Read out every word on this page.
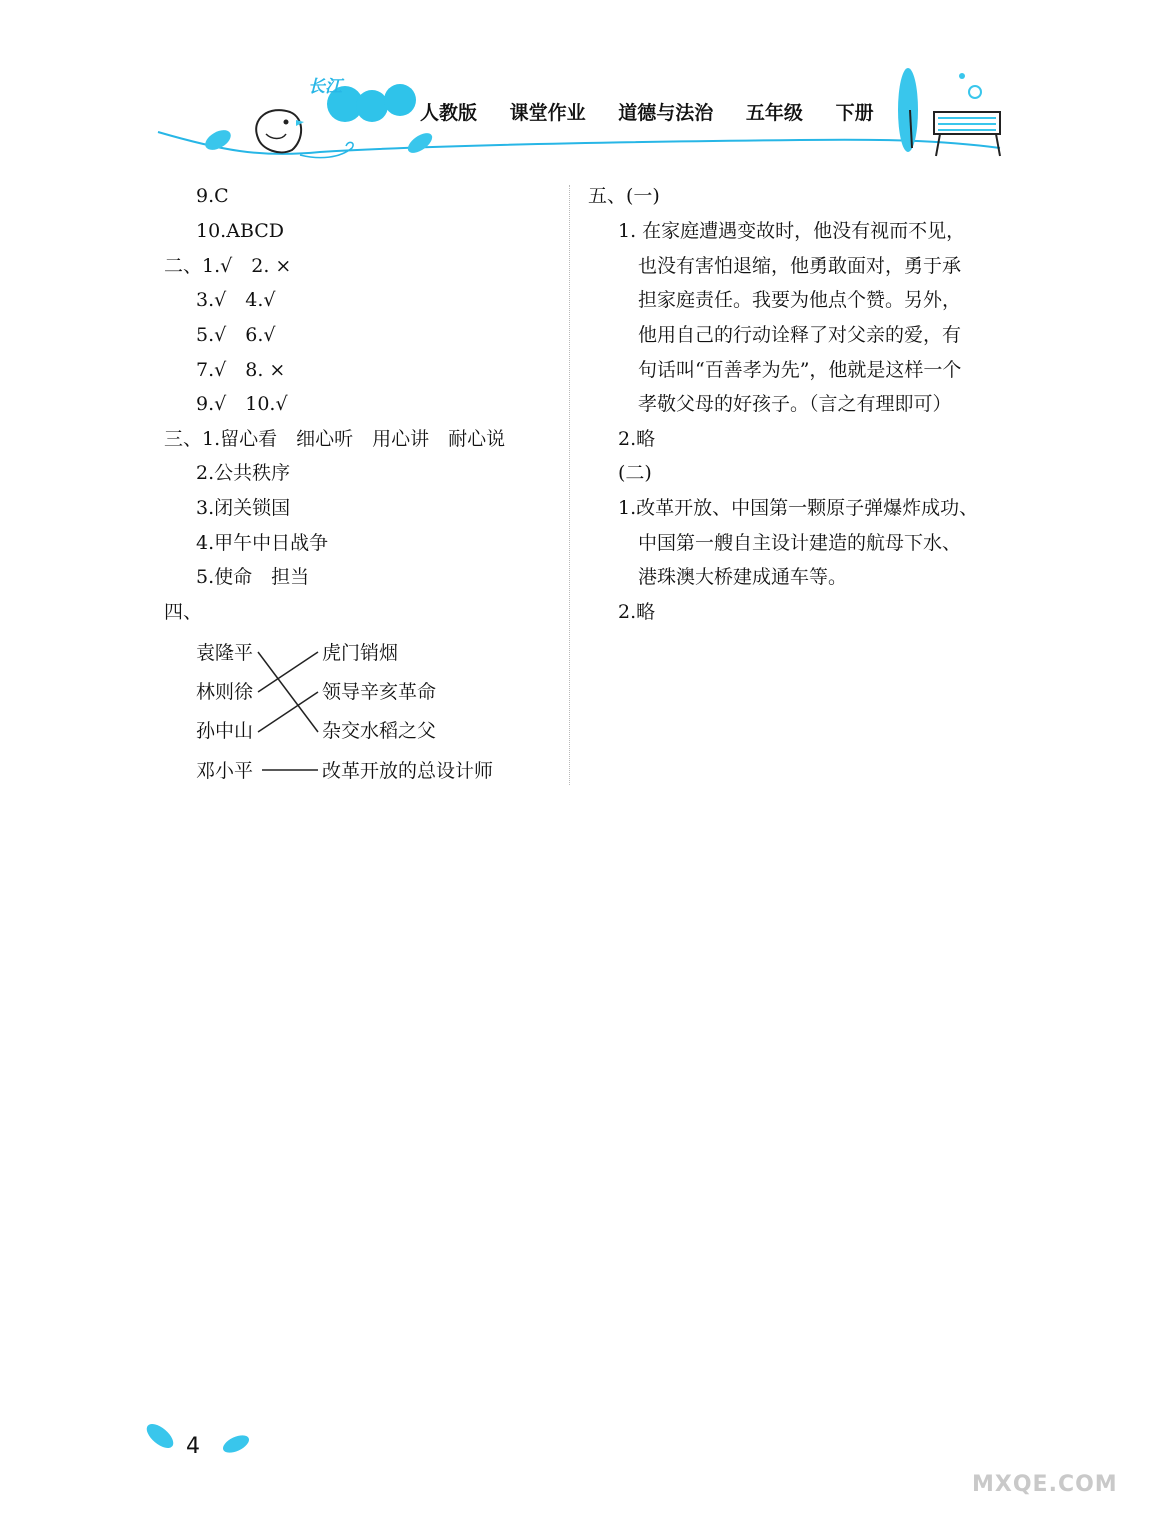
长江
人教版 课堂作业 道德与法治 五年级 下册
9.C
10.ABCD
二、1.√　2. ×
3.√　4.√
5.√　6.√
7.√　8. ×
9.√　10.√
三、1.留心看　细心听　用心讲　耐心说
2.公共秩序
3.闭关锁国
4.甲午中日战争
5.使命　担当
四、
袁隆平
林则徐
孙中山
邓小平
虎门销烟
领导辛亥革命
杂交水稻之父
改革开放的总设计师
五、(一)
1. 在家庭遭遇变故时，他没有视而不见，
也没有害怕退缩，他勇敢面对，勇于承
担家庭责任。我要为他点个赞。另外，
他用自己的行动诠释了对父亲的爱，有
句话叫“百善孝为先”，他就是这样一个
孝敬父母的好孩子。（言之有理即可）
2.略
(二)
1.改革开放、中国第一颗原子弹爆炸成功、
中国第一艘自主设计建造的航母下水、
港珠澳大桥建成通车等。
2.略
4
MXQE.COM
